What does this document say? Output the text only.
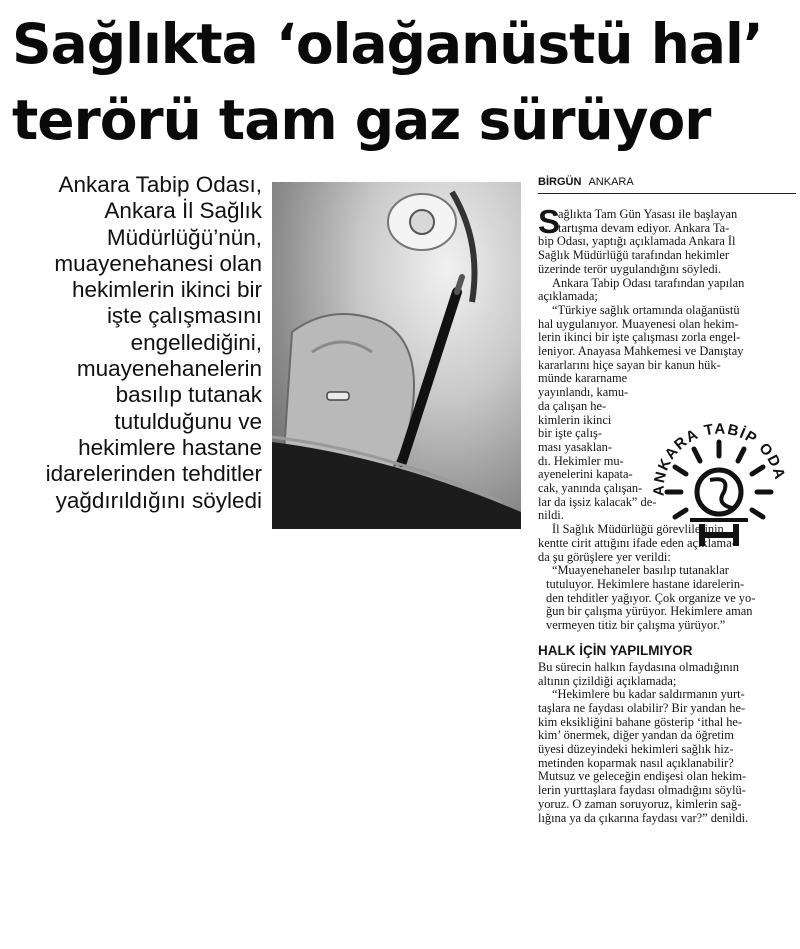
Sağlıkta ‘olağanüstü hal’
terörü tam gaz sürüyor
Ankara Tabip Odası,
Ankara İl Sağlık
Müdürlüğü’nün,
muayenehanesi olan
hekimlerin ikinci bir
işte çalışmasını
engellediğini,
muayenehanelerin
basılıp tutanak
tutulduğunu ve
hekimlere hastane
idarelerinden tehditler
yağdırıldığını söyledi
BİRGÜN ANKARA
S
ağlıkta Tam Gün Yasası ile başlayan
tartışma devam ediyor. Ankara Ta-
bip Odası, yaptığı açıklamada Ankara İl
Sağlık Müdürlüğü tarafından hekimler
üzerinde terör uygulandığını söyledi.
Ankara Tabip Odası tarafından yapılan
açıklamada;
“Türkiye sağlık ortamında olağanüstü
hal uygulanıyor. Muayenesi olan hekim-
lerin ikinci bir işte çalışması zorla engel-
leniyor. Anayasa Mahkemesi ve Danıştay
kararlarını hiçe sayan bir kanun hük-
münde kararname
yayınlandı, kamu-
da çalışan he-
kimlerin ikinci
bir işte çalış-
ması yasaklan-
dı. Hekimler mu-
ayenelerini kapata-
cak, yanında çalışan-
lar da işsiz kalacak” de-
nildi.
İl Sağlık Müdürlüğü görevlilerinin
kentte cirit attığını ifade eden açıklama-
da şu görüşlere yer verildi:
“Muayenehaneler basılıp tutanaklar
tutuluyor. Hekimlere hastane idarelerin-
den tehditler yağıyor. Çok organize ve yo-
ğun bir çalışma yürüyor. Hekimlere aman
vermeyen titiz bir çalışma yürüyor.”
HALK İÇİN YAPILMIYOR
Bu sürecin halkın faydasına olmadığının
altının çizildiği açıklamada;
“Hekimlere bu kadar saldırmanın yurt-
taşlara ne faydası olabilir? Bir yandan he-
kim eksikliğini bahane gösterip ‘ithal he-
kim’ önermek, diğer yandan da öğretim
üyesi düzeyindeki hekimleri sağlık hiz-
metinden koparmak nasıl açıklanabilir?
Mutsuz ve geleceğin endişesi olan hekim-
lerin yurttaşlara faydası olmadığını söylü-
yoruz. O zaman soruyoruz, kimlerin sağ-
lığına ya da çıkarına faydası var?” denildi.
ANKARA TABİP ODA
